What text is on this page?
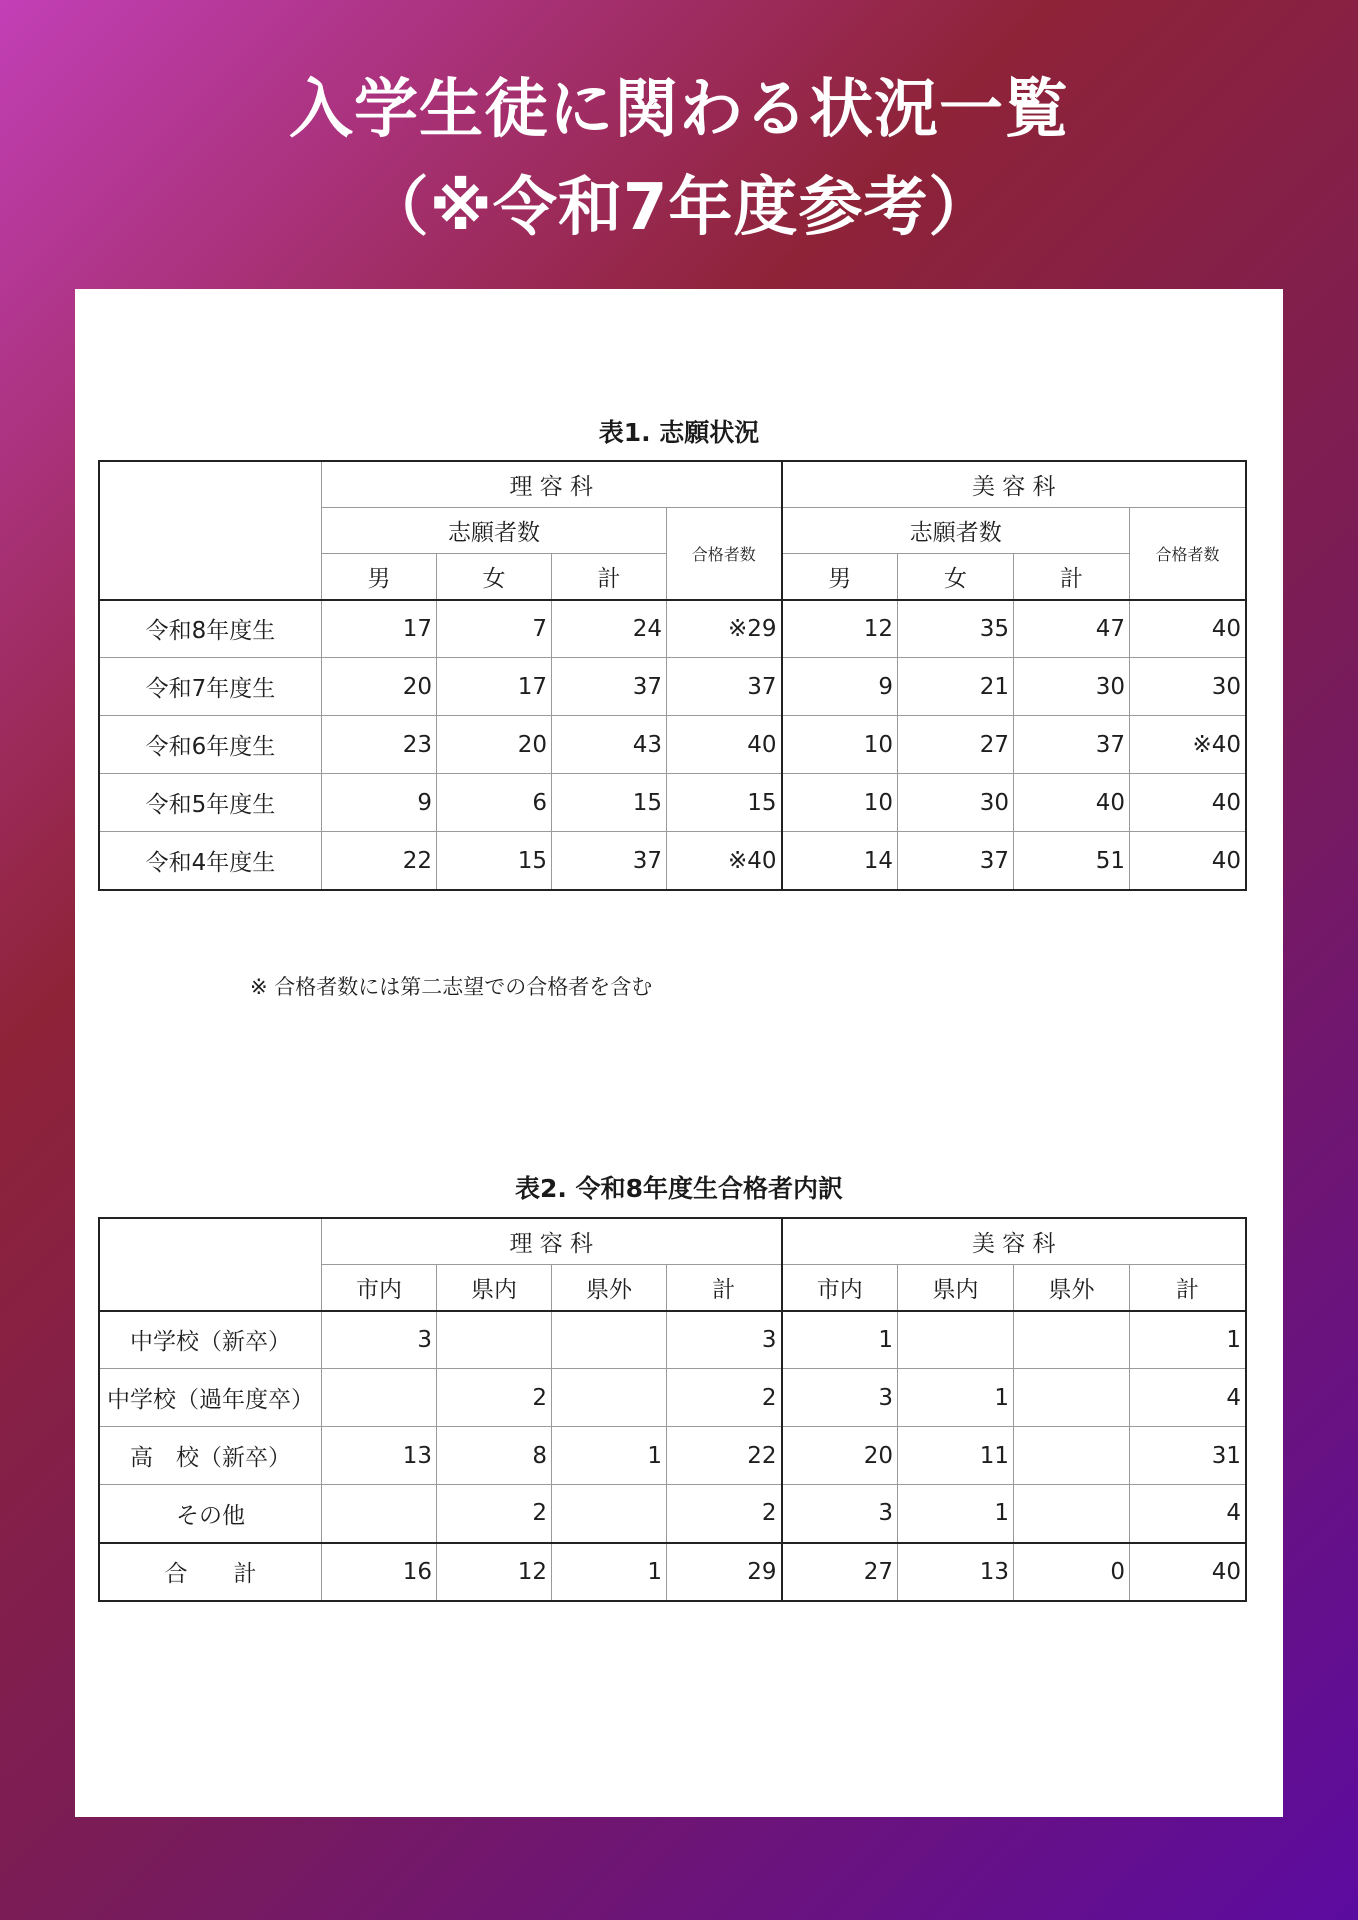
入学生徒に関わる状況一覧
（※令和7年度参考）
表1. 志願状況
	理 容 科				美 容 科			
	志願者数			合格者数	志願者数			合格者数
	男	女	計		男	女	計	
令和8年度生	17	7	24	※29	12	35	47	40
令和7年度生	20	17	37	37	9	21	30	30
令和6年度生	23	20	43	40	10	27	37	※40
令和5年度生	9	6	15	15	10	30	40	40
令和4年度生	22	15	37	※40	14	37	51	40
※ 合格者数には第二志望での合格者を含む
表2. 令和8年度生合格者内訳
	理 容 科				美 容 科			
	市内	県内	県外	計	市内	県内	県外	計
中学校（新卒）	3			3	1			1
中学校（過年度卒）		2		2	3	1		4
高　校（新卒）	13	8	1	22	20	11		31
その他		2		2	3	1		4
合　　計	16	12	1	29	27	13	0	40
